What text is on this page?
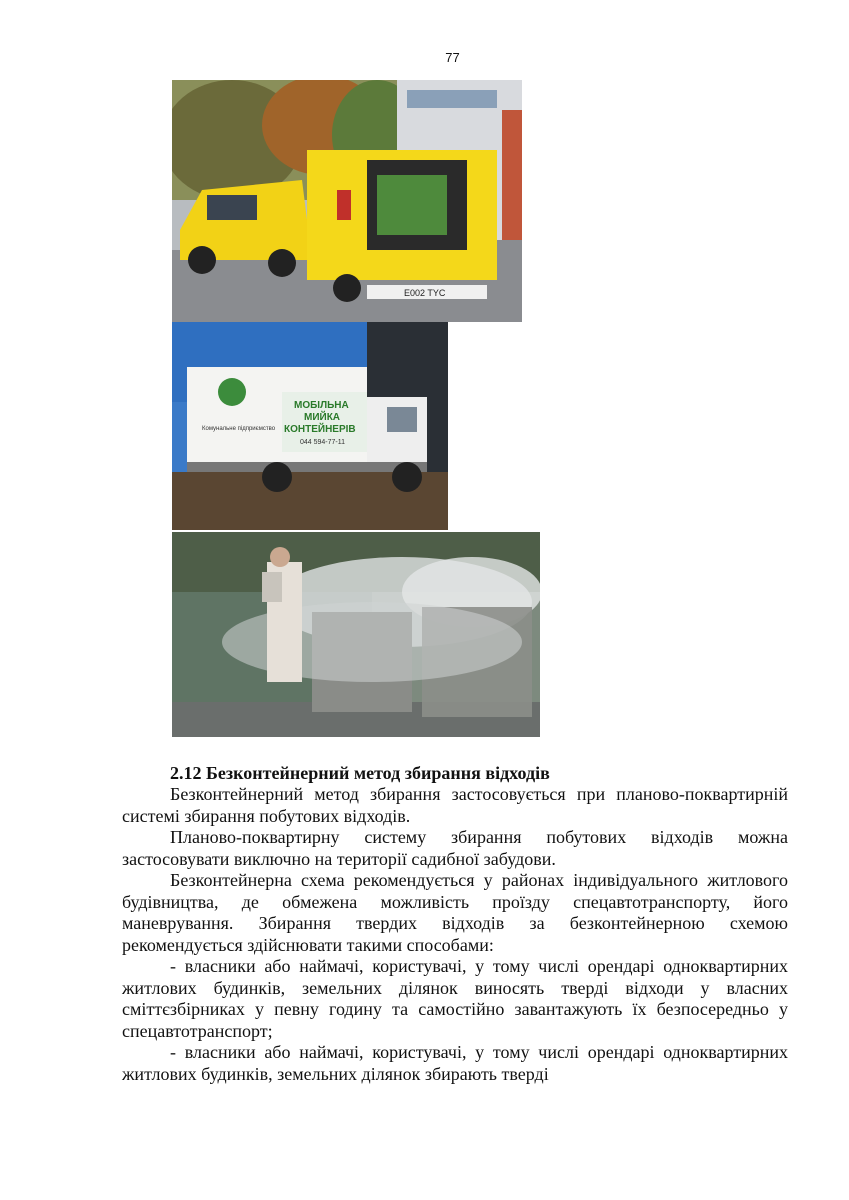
77
E002 TYC
Комунальне підприємство
МОБІЛЬНА
МИЙКА
КОНТЕЙНЕРІВ
044 594-77-11

2.12 Безконтейнерний метод збирання відходів

Безконтейнерний метод збирання застосовується при планово-поквартирній системі збирання побутових відходів.

Планово-поквартирну систему збирання побутових відходів можна застосовувати виключно на території садибної забудови.

Безконтейнерна схема рекомендується у районах індивідуального житлового будівництва, де обмежена можливість проїзду спецавтотранспорту, його маневрування. Збирання твердих відходів за безконтейнерною схемою рекомендується здійснювати такими способами:

- власники або наймачі, користувачі, у тому числі орендарі одноквартирних житлових будинків, земельних ділянок виносять тверді відходи у власних сміттєзбірниках у певну годину та самостійно завантажують їх безпосередньо у спецавтотранспорт;

- власники або наймачі, користувачі, у тому числі орендарі одноквартирних житлових будинків, земельних ділянок збирають тверді
